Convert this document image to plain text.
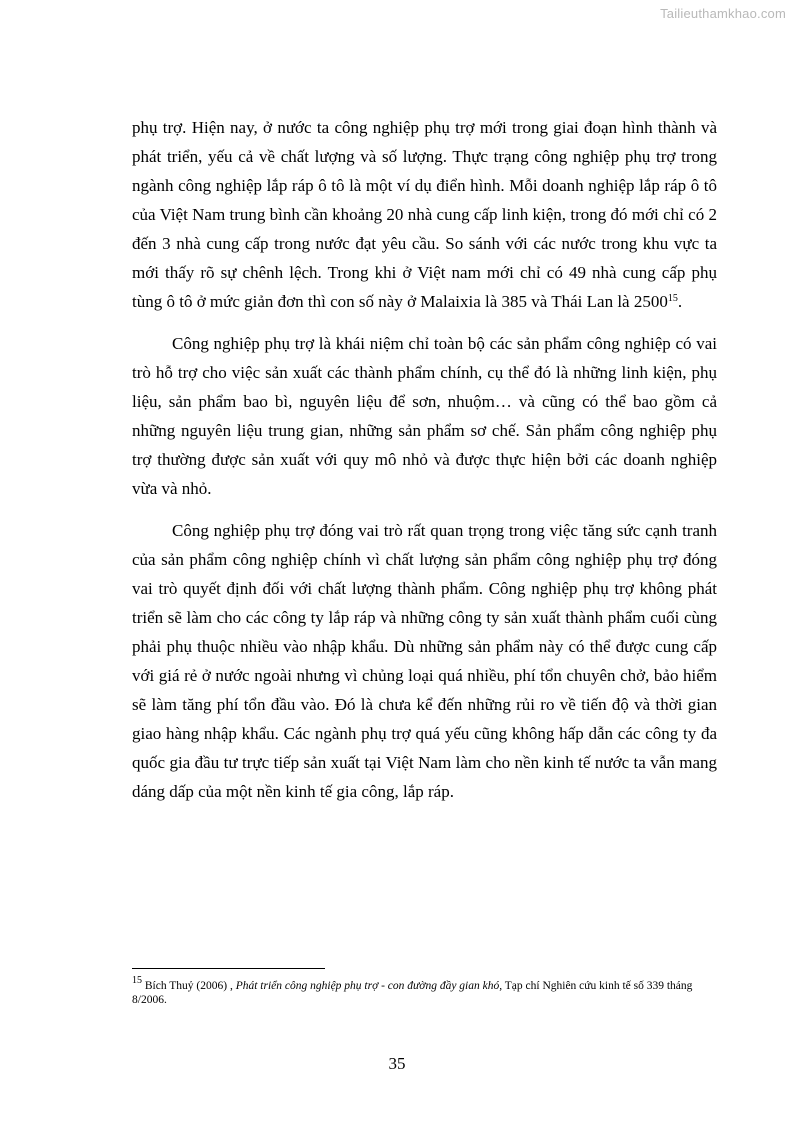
Tailieuthamkhao.com

phụ trợ. Hiện nay, ở nước ta công nghiệp phụ trợ mới trong giai đoạn hình thành và phát triển, yếu cả về chất lượng và số lượng. Thực trạng công nghiệp phụ trợ trong ngành công nghiệp lắp ráp ô tô là một ví dụ điển hình. Mỗi doanh nghiệp lắp ráp ô tô của Việt Nam trung bình cần khoảng 20 nhà cung cấp linh kiện, trong đó mới chỉ có 2 đến 3 nhà cung cấp trong nước đạt yêu cầu. So sánh với các nước trong khu vực ta mới thấy rõ sự chênh lệch. Trong khi ở Việt nam mới chỉ có 49 nhà cung cấp phụ tùng ô tô ở mức giản đơn thì con số này ở Malaixia là 385 và Thái Lan là 2500$^{15}$.

Công nghiệp phụ trợ là khái niệm chỉ toàn bộ các sản phẩm công nghiệp có vai trò hỗ trợ cho việc sản xuất các thành phẩm chính, cụ thể đó là những linh kiện, phụ liệu, sản phẩm bao bì, nguyên liệu để sơn, nhuộm… và cũng có thể bao gồm cả những nguyên liệu trung gian, những sản phẩm sơ chế. Sản phẩm công nghiệp phụ trợ thường được sản xuất với quy mô nhỏ và được thực hiện bởi các doanh nghiệp vừa và nhỏ.

Công nghiệp phụ trợ đóng vai trò rất quan trọng trong việc tăng sức cạnh tranh của sản phẩm công nghiệp chính vì chất lượng sản phẩm công nghiệp phụ trợ đóng vai trò quyết định đối với chất lượng thành phẩm. Công nghiệp phụ trợ không phát triển sẽ làm cho các công ty lắp ráp và những công ty sản xuất thành phẩm cuối cùng phải phụ thuộc nhiều vào nhập khẩu. Dù những sản phẩm này có thể được cung cấp với giá rẻ ở nước ngoài nhưng vì chủng loại quá nhiều, phí tổn chuyên chở, bảo hiểm sẽ làm tăng phí tổn đầu vào. Đó là chưa kể đến những rủi ro về tiến độ và thời gian giao hàng nhập khẩu. Các ngành phụ trợ quá yếu cũng không hấp dẫn các công ty đa quốc gia đầu tư trực tiếp sản xuất tại Việt Nam làm cho nền kinh tế nước ta vẫn mang dáng dấp của một nền kinh tế gia công, lắp ráp.

$^{15}$ Bích Thuỷ (2006) , Phát triển công nghiệp phụ trợ - con đường đầy gian khó, Tạp chí Nghiên cứu kinh tế số 339 tháng 8/2006.
35
